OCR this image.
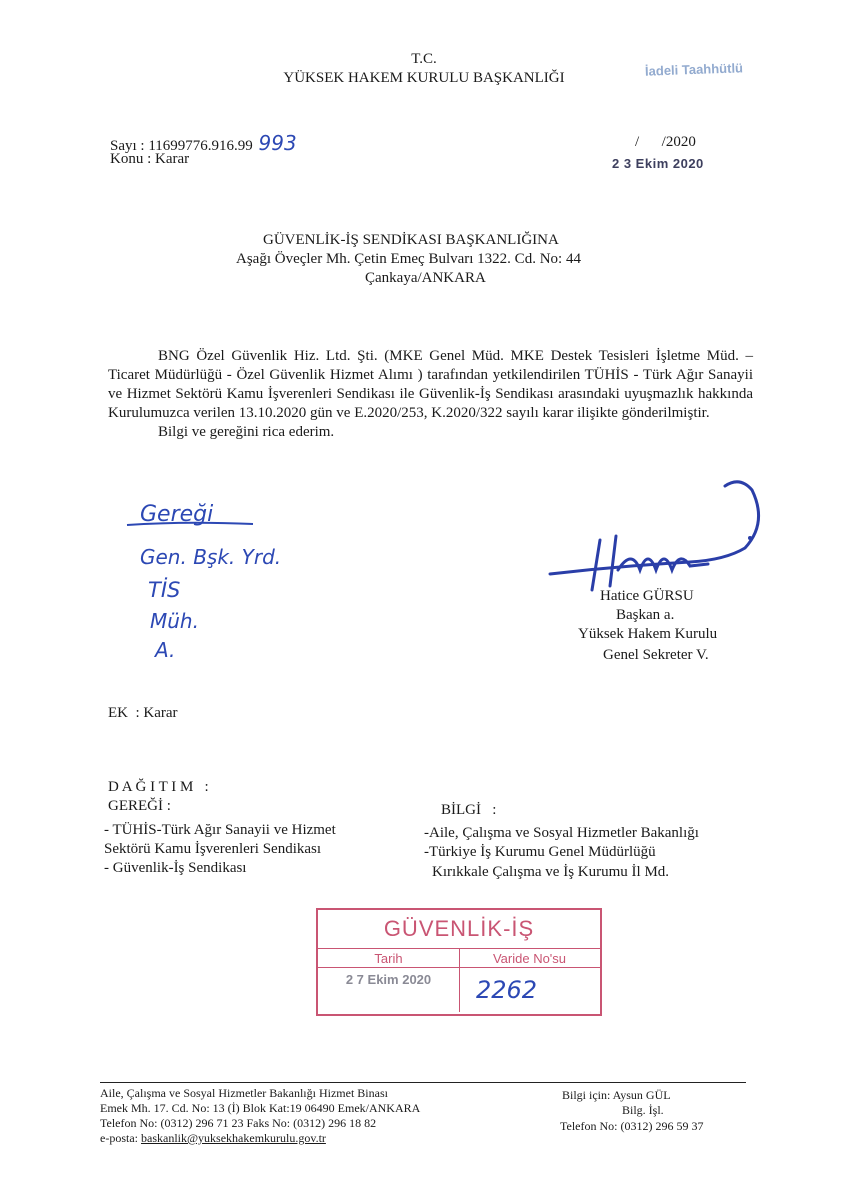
T.C.
YÜKSEK HAKEM KURULU BAŞKANLIĞI	İadeli Taahhütlü
Sayı : 11699776.916.99 993
Konu : Karar
/      /2020
2 3 Ekim 2020
GÜVENLİK-İŞ SENDİKASI BAŞKANLIĞINA
Aşağı Öveçler Mh. Çetin Emeç Bulvarı 1322. Cd. No: 44
Çankaya/ANKARA

BNG Özel Güvenlik Hiz. Ltd. Şti. (MKE Genel Müd. MKE Destek Tesisleri İşletme Müd. –Ticaret Müdürlüğü - Özel Güvenlik Hizmet Alımı ) tarafından yetkilendirilen TÜHİS - Türk Ağır Sanayii ve Hizmet Sektörü Kamu İşverenleri Sendikası ile Güvenlik-İş Sendikası arasındaki uyuşmazlık hakkında Kurulumuzca verilen 13.10.2020 gün ve E.2020/253, K.2020/322 sayılı karar ilişikte gönderilmiştir.

Bilgi ve gereğini rica ederim.

Gereği
Gen. Bşk. Yrd.
TİS
Müh.
A.
Hatice GÜRSU
Başkan a.
Yüksek Hakem Kurulu
Genel Sekreter V.
EK  : Karar
D A Ğ I T I M   :
GEREĞİ :
- TÜHİS-Türk Ağır Sanayii ve Hizmet
Sektörü Kamu İşverenleri Sendikası
- Güvenlik-İş Sendikası
BİLGİ   :
-Aile, Çalışma ve Sosyal Hizmetler Bakanlığı
-Türkiye İş Kurumu Genel Müdürlüğü
Kırıkkale Çalışma ve İş Kurumu İl Md.
GÜVENLİK-İŞ
Tarih	Varide No'su
2 7 Ekim 2020	2262
Aile, Çalışma ve Sosyal Hizmetler Bakanlığı Hizmet Binası
Emek Mh. 17. Cd. No: 13 (İ) Blok Kat:19 06490 Emek/ANKARA
Telefon No: (0312) 296 71 23 Faks No: (0312) 296 18 82
e-posta: baskanlik@yuksekhakemkurulu.gov.tr
Bilgi için: Aysun GÜL
Bilg. İşl.
Telefon No: (0312) 296 59 37
